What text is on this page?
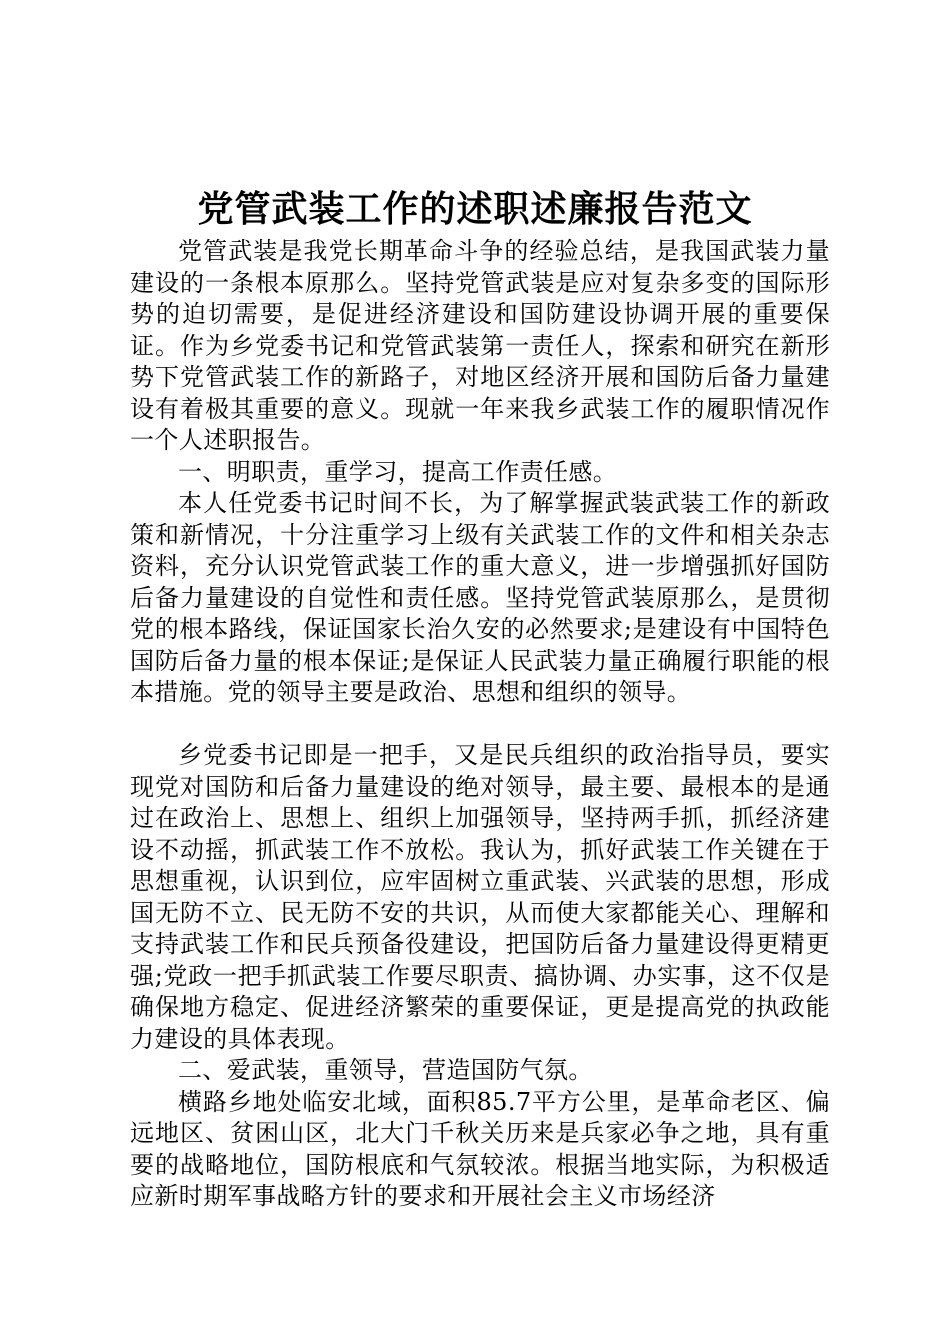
党管武装工作的述职述廉报告范文

党管武装是我党长期革命斗争的经验总结，是我国武装力量建设的一条根本原那么。坚持党管武装是应对复杂多变的国际形势的迫切需要，是促进经济建设和国防建设协调开展的重要保证。作为乡党委书记和党管武装第一责任人，探索和研究在新形势下党管武装工作的新路子，对地区经济开展和国防后备力量建设有着极其重要的意义。现就一年来我乡武装工作的履职情况作一个人述职报告。

一、明职责，重学习，提高工作责任感。

本人任党委书记时间不长，为了解掌握武装武装工作的新政策和新情况，十分注重学习上级有关武装工作的文件和相关杂志资料，充分认识党管武装工作的重大意义，进一步增强抓好国防后备力量建设的自觉性和责任感。坚持党管武装原那么，是贯彻党的根本路线，保证国家长治久安的必然要求;是建设有中国特色国防后备力量的根本保证;是保证人民武装力量正确履行职能的根本措施。党的领导主要是政治、思想和组织的领导。

乡党委书记即是一把手，又是民兵组织的政治指导员，要实现党对国防和后备力量建设的绝对领导，最主要、最根本的是通过在政治上、思想上、组织上加强领导，坚持两手抓，抓经济建设不动摇，抓武装工作不放松。我认为，抓好武装工作关键在于思想重视，认识到位，应牢固树立重武装、兴武装的思想，形成国无防不立、民无防不安的共识，从而使大家都能关心、理解和支持武装工作和民兵预备役建设，把国防后备力量建设得更精更强;党政一把手抓武装工作要尽职责、搞协调、办实事，这不仅是确保地方稳定、促进经济繁荣的重要保证，更是提高党的执政能力建设的具体表现。

二、爱武装，重领导，营造国防气氛。

横路乡地处临安北域，面积85.7平方公里，是革命老区、偏远地区、贫困山区，北大门千秋关历来是兵家必争之地，具有重要的战略地位，国防根底和气氛较浓。根据当地实际，为积极适应新时期军事战略方针的要求和开展社会主义市场经济
